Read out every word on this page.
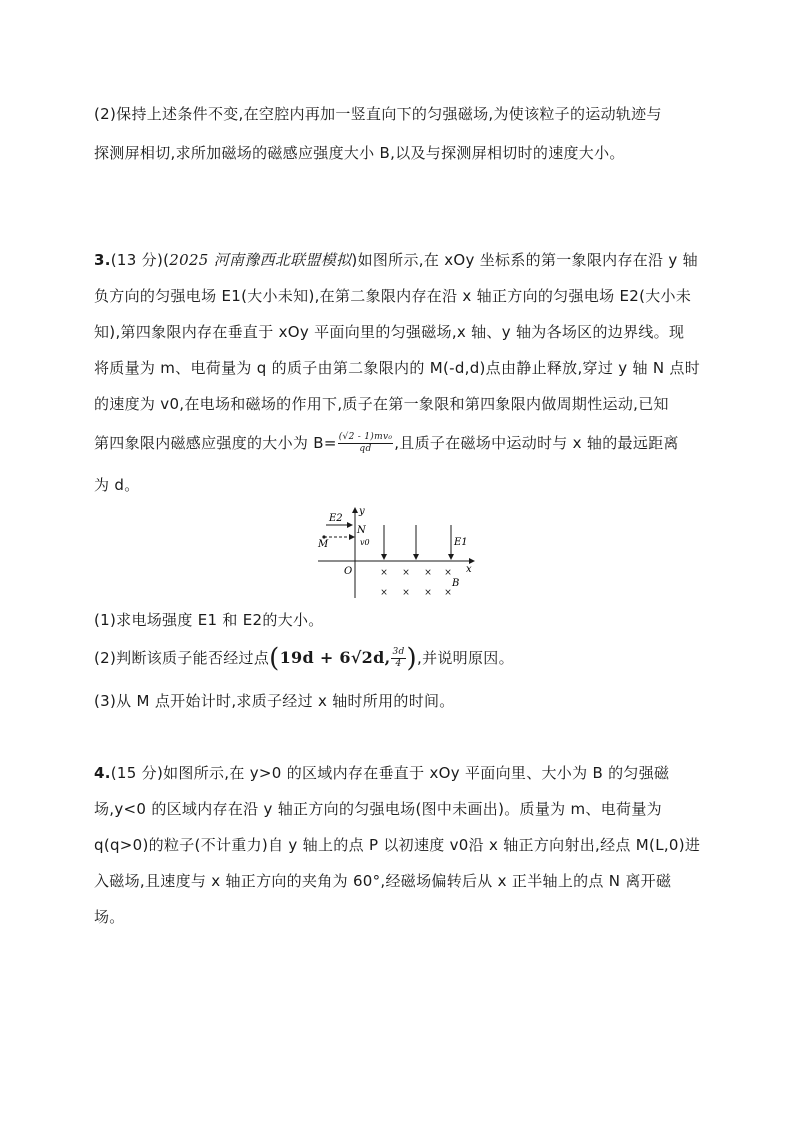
(2)保持上述条件不变,在空腔内再加一竖直向下的匀强磁场,为使该粒子的运动轨迹与
探测屏相切,求所加磁场的磁感应强度大小 B,以及与探测屏相切时的速度大小。
3.(13 分)(2025 河南豫西北联盟模拟)如图所示,在 xOy 坐标系的第一象限内存在沿 y 轴
负方向的匀强电场 E1(大小未知),在第二象限内存在沿 x 轴正方向的匀强电场 E2(大小未
知),第四象限内存在垂直于 xOy 平面向里的匀强磁场,x 轴、y 轴为各场区的边界线。现
将质量为 m、电荷量为 q 的质子由第二象限内的 M(-d,d)点由静止释放,穿过 y 轴 N 点时
的速度为 v0,在电场和磁场的作用下,质子在第一象限和第四象限内做周期性运动,已知
第四象限内磁感应强度的大小为 $B= \frac{\text{(√2 - 1)mv₀}}{qd}$ ,且质子在磁场中运动时与 x 轴的最远距离
为 d。
× × × ×
× × × ×
E2
y
N
M	v0	E1
O	x
B
(1)求电场强度 E1 和 E2的大小。
(2)判断该质子能否经过点(19d + 6√2d, $\frac{3d}{4}$ ),并说明原因。
(3)从 M 点开始计时,求质子经过 x 轴时所用的时间。
4.(15 分)如图所示,在 y>0 的区域内存在垂直于 xOy 平面向里、大小为 B 的匀强磁
场,y<0 的区域内存在沿 y 轴正方向的匀强电场(图中未画出)。质量为 m、电荷量为
q(q>0)的粒子(不计重力)自 y 轴上的点 P 以初速度 v0沿 x 轴正方向射出,经点 M(L,0)进
入磁场,且速度与 x 轴正方向的夹角为 60°,经磁场偏转后从 x 正半轴上的点 N 离开磁
场。
